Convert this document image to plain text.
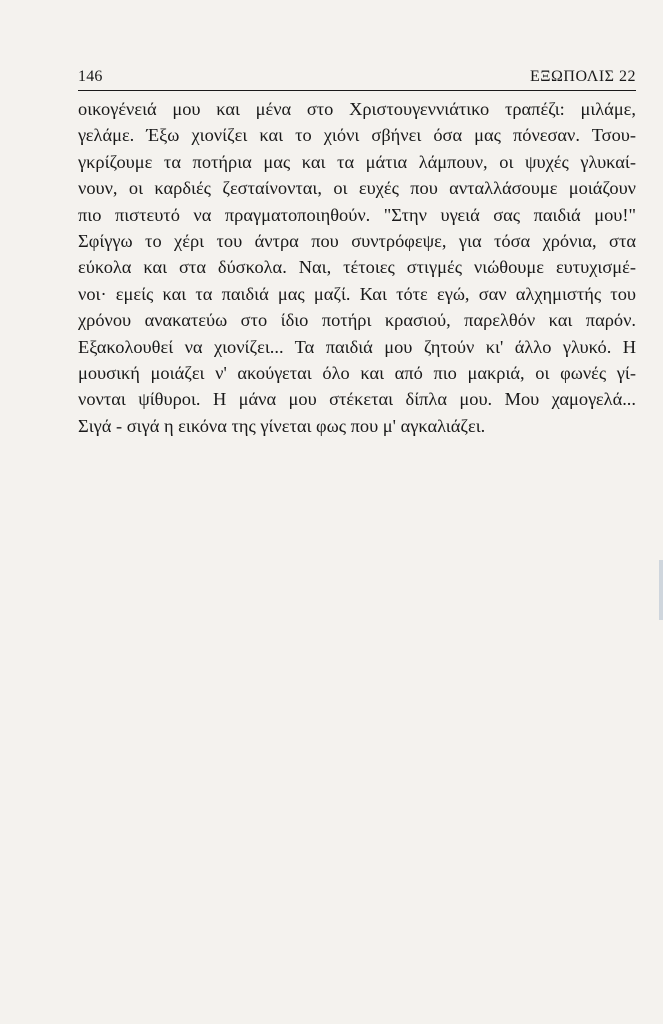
146	ΕΞΩΠΟΛΙΣ 22
οικογένειά μου και μένα στο Χριστουγεννιάτικο τραπέζι: μιλάμε,
γελάμε. Έξω χιονίζει και το χιόνι σβήνει όσα μας πόνεσαν. Τσου-
γκρίζουμε τα ποτήρια μας και τα μάτια λάμπουν, οι ψυχές γλυκαί-
νουν, οι καρδιές ζεσταίνονται, οι ευχές που ανταλλάσουμε μοιάζουν
πιο πιστευτό να πραγματοποιηθούν. "Στην υγειά σας παιδιά μου!"
Σφίγγω το χέρι του άντρα που συντρόφεψε, για τόσα χρόνια, στα
εύκολα και στα δύσκολα. Ναι, τέτοιες στιγμές νιώθουμε ευτυχισμέ-
νοι· εμείς και τα παιδιά μας μαζί. Και τότε εγώ, σαν αλχημιστής του
χρόνου ανακατεύω στο ίδιο ποτήρι κρασιού, παρελθόν και παρόν.
Εξακολουθεί να χιονίζει... Τα παιδιά μου ζητούν κι' άλλο γλυκό. Η
μουσική μοιάζει ν' ακούγεται όλο και από πιο μακριά, οι φωνές γί-
νονται ψίθυροι. Η μάνα μου στέκεται δίπλα μου. Μου χαμογελά...
Σιγά - σιγά η εικόνα της γίνεται φως που μ' αγκαλιάζει.
